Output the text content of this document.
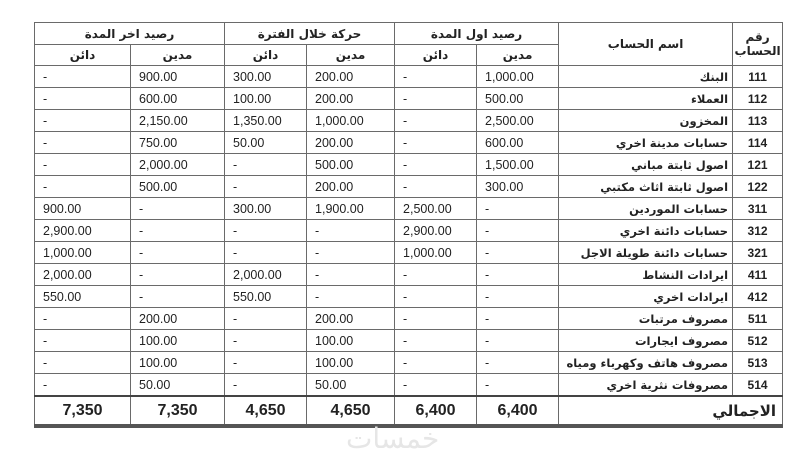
رقم الحساب	اسم الحساب	رصيد اول المدة		حركة خلال الفترة		رصيد اخر المدة	
		مدين	دائن	مدين	دائن	مدين	دائن
111	البنك	1,000.00	-	200.00	300.00	900.00	-
112	العملاء	500.00	-	200.00	100.00	600.00	-
113	المخزون	2,500.00	-	1,000.00	1,350.00	2,150.00	-
114	حسابات مدينة اخري	600.00	-	200.00	50.00	750.00	-
121	اصول ثابتة مباني	1,500.00	-	500.00	-	2,000.00	-
122	اصول ثابتة اثاث مكتبي	300.00	-	200.00	-	500.00	-
311	حسابات الموردين	-	2,500.00	1,900.00	300.00	-	900.00
312	حسابات دائنة اخري	-	2,900.00	-	-	-	2,900.00
321	حسابات دائنة طويلة الاجل	-	1,000.00	-	-	-	1,000.00
411	ايرادات النشاط	-	-	-	2,000.00	-	2,000.00
412	ايرادات اخري	-	-	-	550.00	-	550.00
511	مصروف مرتبات	-	-	200.00	-	200.00	-
512	مصروف ايجارات	-	-	100.00	-	100.00	-
513	مصروف هاتف وكهرباء ومياه	-	-	100.00	-	100.00	-
514	مصروفات نثرية اخري	-	-	50.00	-	50.00	-
الاجمالي		6,400	6,400	4,650	4,650	7,350	7,350
خمسات
